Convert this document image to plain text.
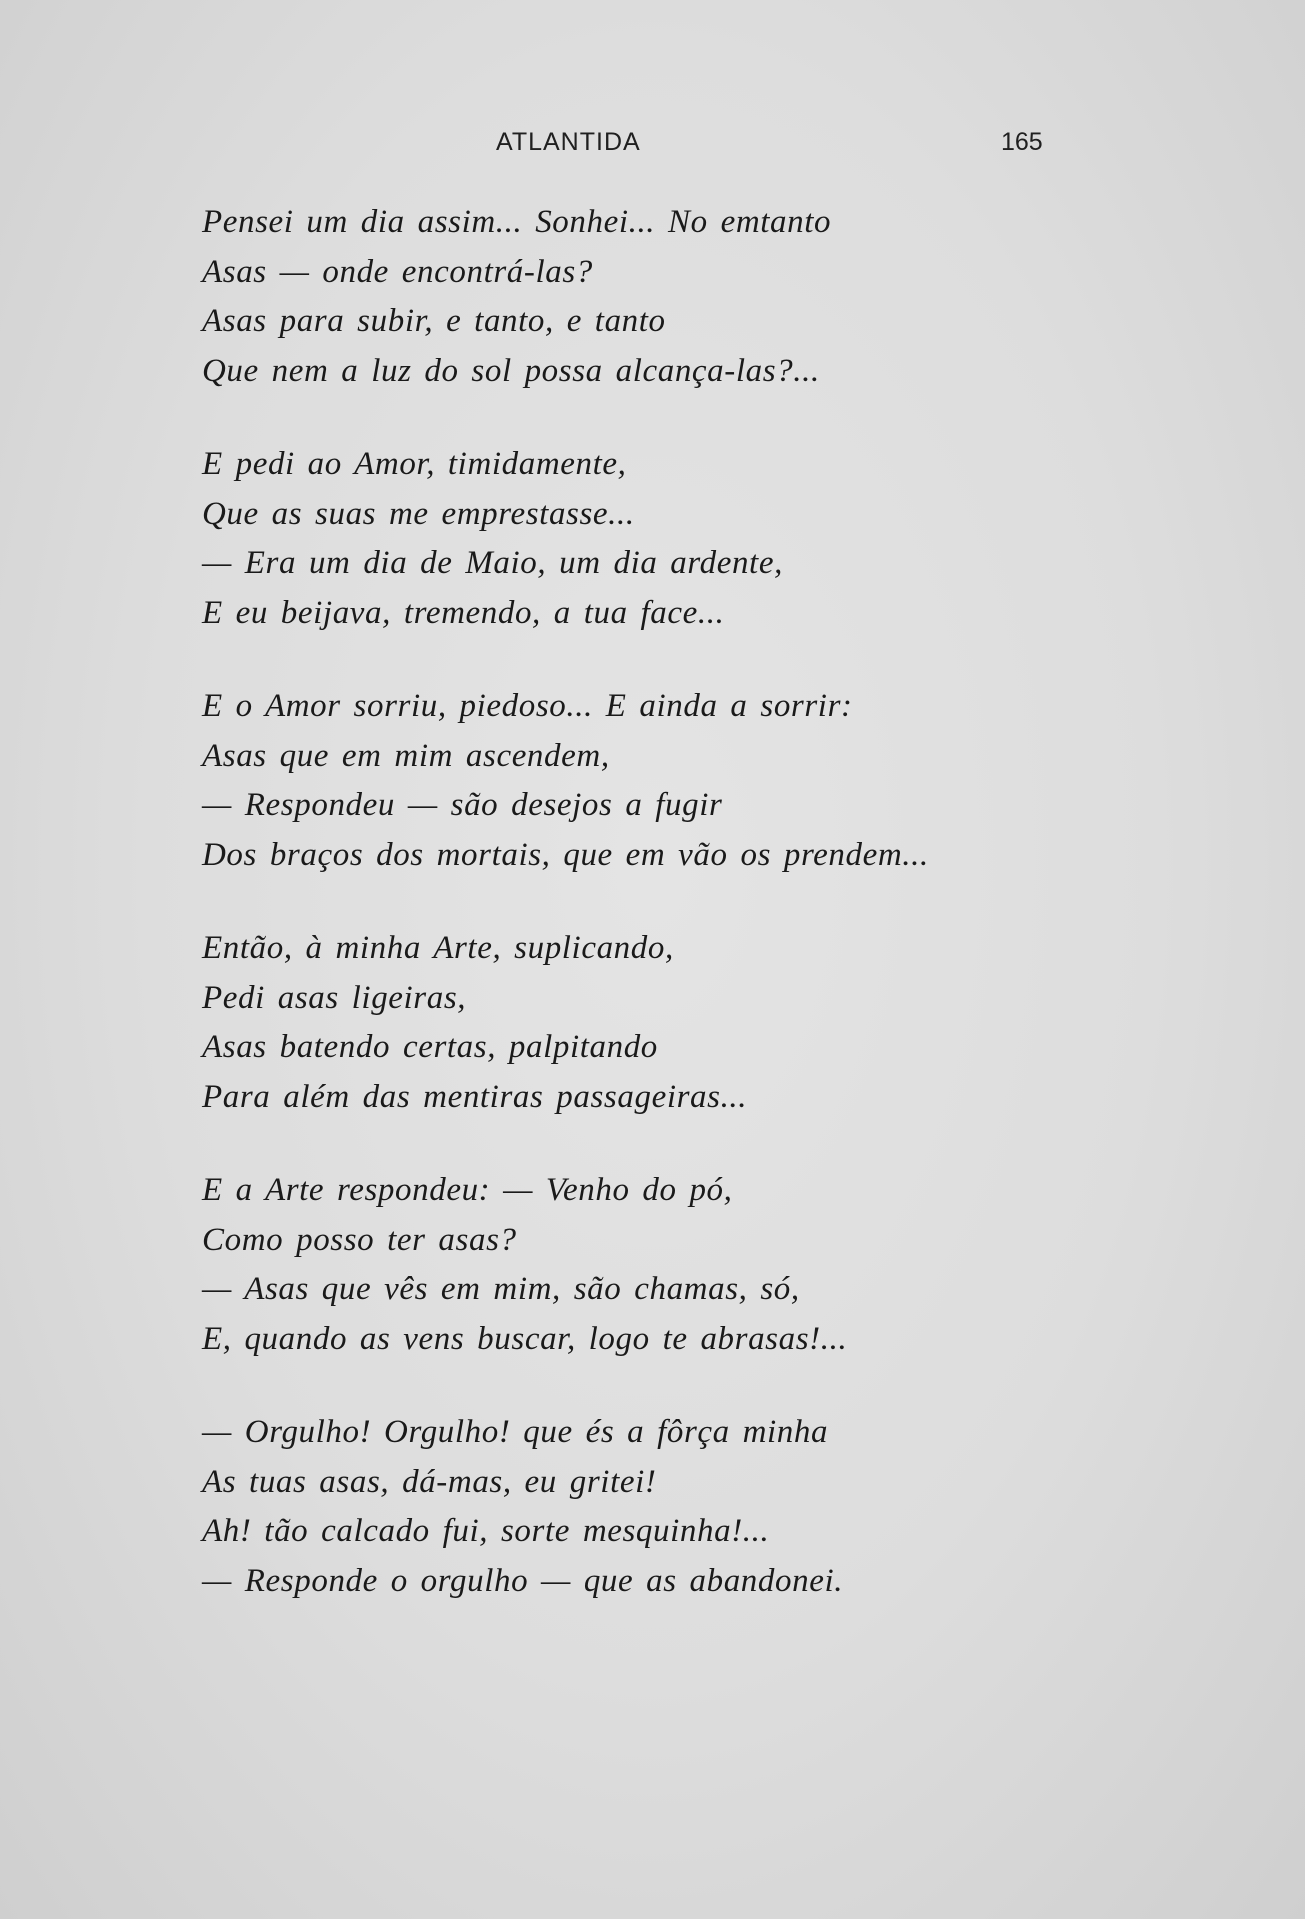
ATLANTIDA	165
Pensei um dia assim... Sonhei... No emtanto
Asas — onde encontrá-las?
Asas para subir, e tanto, e tanto
Que nem a luz do sol possa alcança-las?...
E pedi ao Amor, timidamente,
Que as suas me emprestasse...
— Era um dia de Maio, um dia ardente,
E eu beijava, tremendo, a tua face...
E o Amor sorriu, piedoso... E ainda a sorrir:
Asas que em mim ascendem,
— Respondeu — são desejos a fugir
Dos braços dos mortais, que em vão os prendem...
Então, à minha Arte, suplicando,
Pedi asas ligeiras,
Asas batendo certas, palpitando
Para além das mentiras passageiras...
E a Arte respondeu: — Venho do pó,
Como posso ter asas?
— Asas que vês em mim, são chamas, só,
E, quando as vens buscar, logo te abrasas!...
— Orgulho! Orgulho! que és a fôrça minha
As tuas asas, dá-mas, eu gritei!
Ah! tão calcado fui, sorte mesquinha!...
— Responde o orgulho — que as abandonei.
